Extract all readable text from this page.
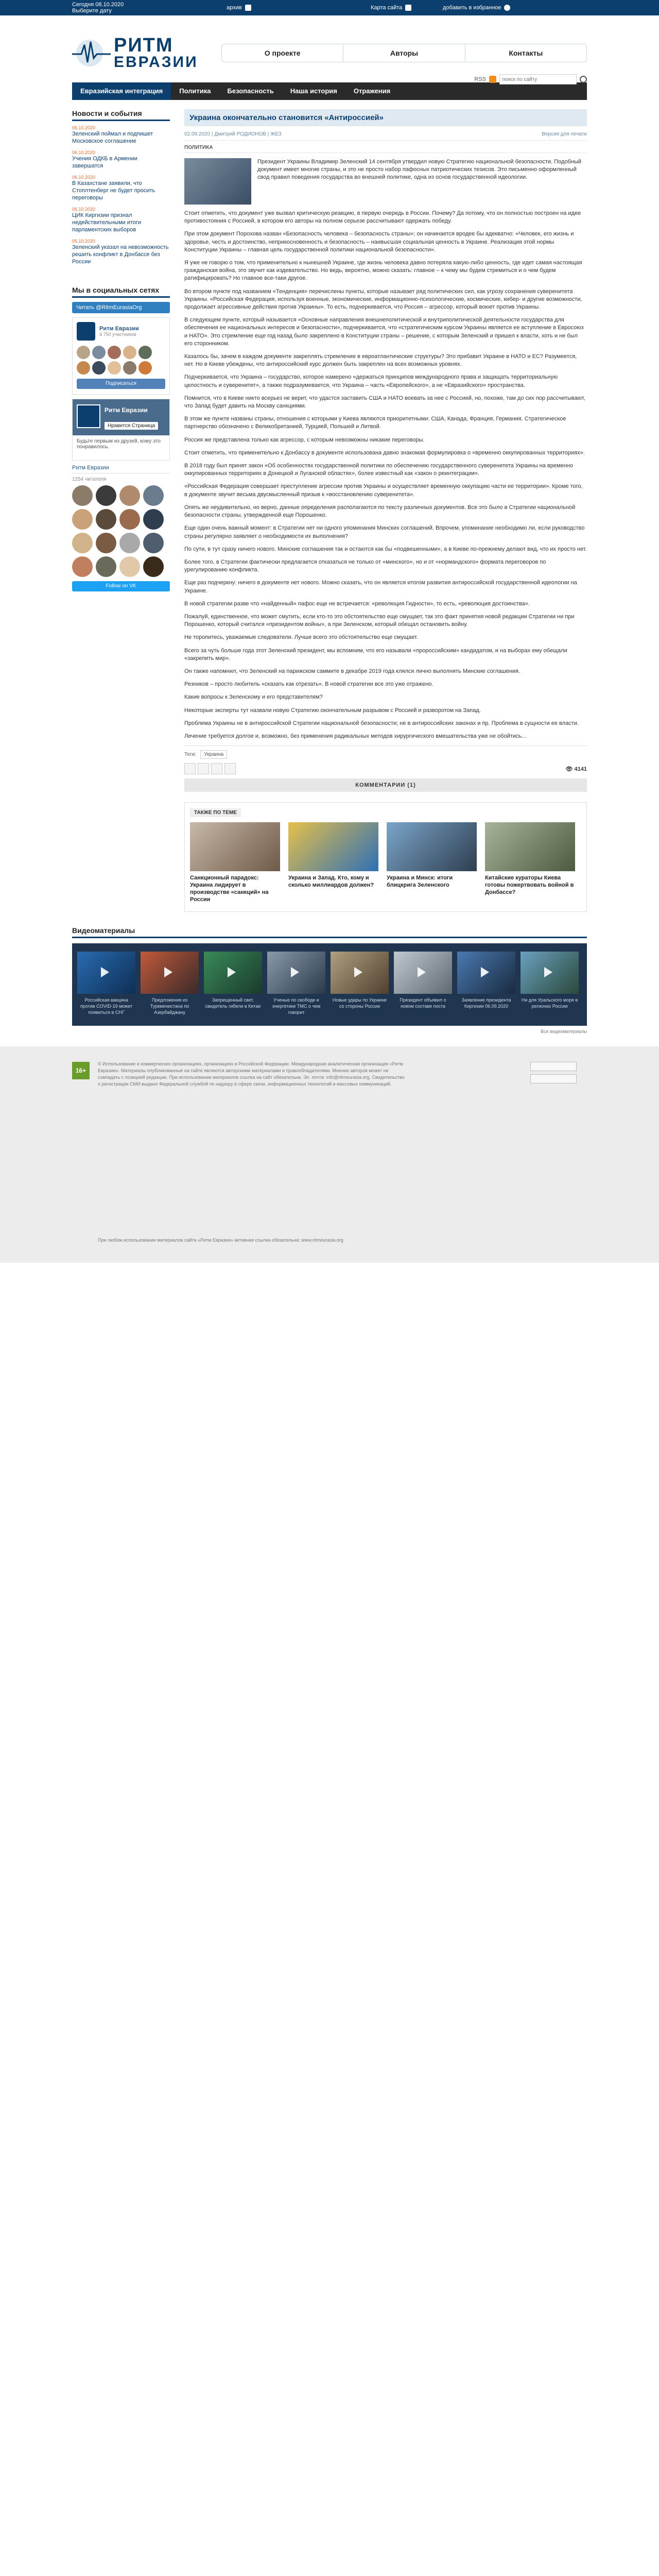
Сегодня 08.10.2020
Выберите дату	архив	Карта сайта	добавить в избранное
РИТМ
ЕВРАЗИИ
О проекте	Авторы	Контакты
RSS
поиск по сайту
Евразийская интеграция	Политика	Безопасность	Наша история	Отражения
Новости и события
06.10.2020
Зеленский поймал и подпишет Московское соглашение
06.10.2020
Учения ОДКБ в Армении завершатся
06.10.2020
В Казахстане заявили, что Стоплтенберг не будет просить переговоры
06.10.2020
ЦИК Киргизии признал недействительными итоги парламентских выборов
05.10.2020
Зеленский указал на невозможность решить конфликт в Донбассе без России
Мы в социальных сетях
Читать @RitmEurasiaOrg
Ритм Евразии
4 750 участников
Подписаться
Ритм Евразии
Нравится Страница
Будьте первым из друзей, кому это понравилось.
Ритм Евразии
1254 читателя
Follow on VK
Украина окончательно становится «Антироссией»
02.09.2020 | Дмитрий РОДИОНОВ | ЖЕЗ	Версия для печати
ПОЛИТИКА

Президент Украины Владимир Зеленский 14 сентября утвердил новую Стратегию национальной безопасности. Подобный документ имеет многие страны, и это не просто набор пафосных патриотических тезисов. Это письменно оформленный свод правил поведения государства во внешней политике, одна из основ государственной идеологии.

Стоит отметить, что документ уже вызвал критическую реакцию, в первую очередь в России. Почему? Да потому, что он полностью построен на идее противостояния с Россией, в котором его авторы на полном серьезе рассчитывают одержать победу.

При этом документ Порохова назван «Безопасность человека – безопасность страны»; он начинается вродее бы адекватно: «Человек, его жизнь и здоровье, честь и достоинство, неприкосновенность и безопасность – наивысшая социальная ценность в Украине. Реализация этой нормы Конституции Украины – главная цель государственной политики национальной безопасности».

Я уже не говорю о том, что применительно к нынешней Украине, где жизнь человека давно потеряла какую-либо ценность, где идет самая настоящая гражданская война, это звучит как издевательство. Но ведь, вероятно, можно сказать: главное – к чему мы будем стремиться и о чем будем ратифицировать? Но главное все-таки другое.

Во втором пункте под названием «Тенденция» перечислены пункты, которые называет ряд политических сил, как угрозу сохранения суверенитета Украины. «Российская Федерация, используя военные, экономические, информационно-психологические, космические, кибер- и другие возможности, продолжает агрессивные действия против Украины». То есть, подчеркивается, что Россия – агрессор, который воюет против Украины.

В следующем пункте, который называется «Основные направления внешнеполитической и внутриполитической деятельности государства для обеспечения ее национальных интересов и безопасности», подчеркивается, что «стратегическим курсом Украины является ее вступление в Евросоюз и НАТО». Это стремление еще год назад было закреплено в Конституции страны – решение, с которым Зеленский и пришел к власти, хоть и не был его сторонником.

Казалось бы, зачем в каждом документе закреплять стремление в евроатлантические структуры? Это прибавит Украине в НАТО и ЕС? Разумеется, нет. Но в Киеве убеждены, что антироссийский курс должен быть закреплен на всех возможных уровнях.

Подчеркивается, что Украина – государство, которое намерено «держаться принципов международного права и защищать территориальную целостность и суверенитет», а также подразумевается, что Украина – часть «Европейского», а не «Евразийского» пространства.

Помнится, что в Киеве никто всерьез не верит, что удастся заставить США и НАТО воевать за нее с Россией, но, похоже, там до сих пор рассчитывают, что Запад будет давить на Москву санкциями.

В этом же пункте названы страны, отношения с которыми у Киева являются приоритетными: США, Канада, Франция, Германия. Стратегическое партнерство обозначено с Великобританией, Турцией, Польшей и Литвой.

Россия же представлена только как агрессор, с которым невозможны никакие переговоры.

Стоит отметить, что применительно к Донбассу в документе использована давно знакомая формулировка о «временно оккупированных территориях».

В 2018 году был принят закон «Об особенностях государственной политики по обеспечению государственного суверенитета Украины на временно оккупированных территориях в Донецкой и Луганской областях», более известный как «закон о реинтеграции».

«Российская Федерация совершает преступление агрессии против Украины и осуществляет временную оккупацию части ее территории». Кроме того, в документе звучит весьма двусмысленный призыв к «восстановлению суверенитета».

Опять же неудивительно, но верно, данные определения располагаются по тексту различных документов. Все это было в Стратегии национальной безопасности страны, утвержденной еще Порошенко.

Еще один очень важный момент: в Стратегии нет ни одного упоминания Минских соглашений. Впрочем, упоминание необходимо ли, если руководство страны регулярно заявляет о необходимости их выполнения?

По сути, в тут сразу ничего нового. Минские соглашения так и остаются как бы «подвешенными», а в Киеве по-прежнему делают вид, что их просто нет.

Более того, в Стратегии фактически предлагается отказаться не только от «минского», но и от «нормандского» формата переговоров по урегулированию конфликта.

Еще раз подчеркну: ничего в документе нет нового. Можно сказать, что он является итогом развития антироссийской государственной идеологии на Украине.

В новой стратегии разве что «найденный» пафос еще не встречается: «революция Гидности», то есть, «революция достоинства».

Пожалуй, единственное, что может смутить, если кто-то это обстоятельство еще смущает, так это факт принятия новой редакции Стратегии ни при Порошенко, который считался «президентом войны», а при Зеленском, который обещал остановить войну.

Не торопитесь, уважаемые следователи. Лучше всего это обстоятельство еще смущает.

Всего за чуть больше года этот Зеленский президент, мы вспомним, что его называли «пророссийским» кандидатом, и на выборах ему обещали «закрепить мир».

Он также напомнил, что Зеленский на парижском саммите в декабре 2019 года клялся лично выполнять Минские соглашения.

Резников – просто любитель «сказать как отрезать». В новой стратегии все это уже отражено.

Какие вопросы к Зеленскому и его представителям?

Некоторые эксперты тут назвали новую Стратегию окончательным разрывом с Россией и разворотом на Запад.

Проблема Украины не в антироссийской Стратегии национальной безопасности; не в антироссийских законах и пр. Проблема в сущности ее власти.

Лечение требуется долгое и, возможно, без применения радикальных методов хирургического вмешательства уже не обойтись...

Теги:	Украина
👁 4141
КОММЕНТАРИИ (1)
ТАКЖЕ ПО ТЕМЕ
Санкционный парадокс: Украина лидирует в производстве «санкций» на России
Украина и Запад. Кто, кому и сколько миллиардов должен?
Украина и Минск: итоги блицкрига Зеленского
Китайские кураторы Киева готовы пожертвовать войной в Донбассе?
Видеоматериалы
Российская вакцина против COVID-19 может появиться в СНГ
Предложения из Туркменистана по Азербайджану
Запрещенный свет, свидетель гибели в Китае
Ученые по свободе и энергетике ТМС о чем говорит
Новые удары по Украине со стороны России
Президент объявил о новом составе поста
Заявление президента Киргизии 06.09.2020
Ни для Уральского моря в регионах России
Все видеоматериалы
16+
© Использование в коммерческих организациях, организациях в Российской Федерации. Международная аналитическая организация «Ритм Евразии». Материалы опубликованные на сайте являются авторскими материалами и правообладателями. Мнение авторов может не совпадать с позицией редакции. При использовании материалов ссылка на сайт обязательна. Эл. почта: info@ritmeurasia.org. Свидетельство о регистрации СМИ выдано Федеральной службой по надзору в сфере связи, информационных технологий и массовых коммуникаций.
При любом использовании материалов сайта «Ритм Евразии» активная ссылка обязательна: www.ritmeurasia.org
